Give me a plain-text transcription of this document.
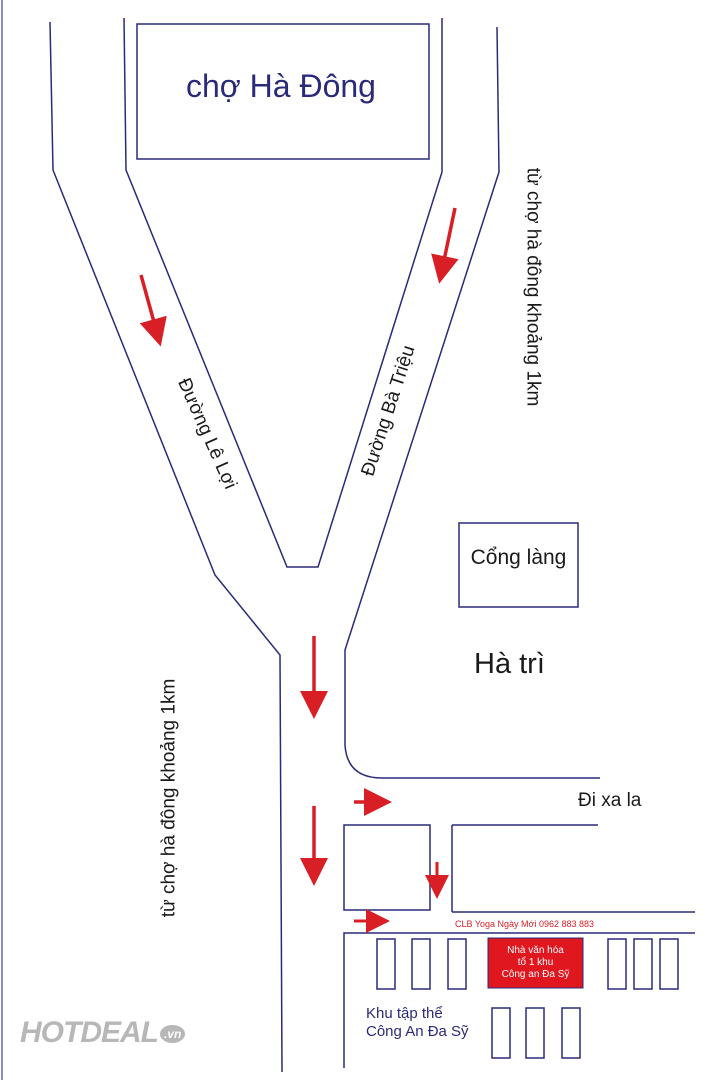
chợ Hà Đông
Đường Lê Lợi	Đường Bà Triệu
từ chợ hà đông khoảng 1km
từ chợ hà đông khoảng 1km
Cổng làng
Hà trì
Đi xa la
CLB Yoga Ngày Mới 0962 883 883
Nhà văn hóa
tổ 1 khu
Công an Đa Sỹ
Khu tập thể
Công An Đa Sỹ
HOTDEAL .vn
